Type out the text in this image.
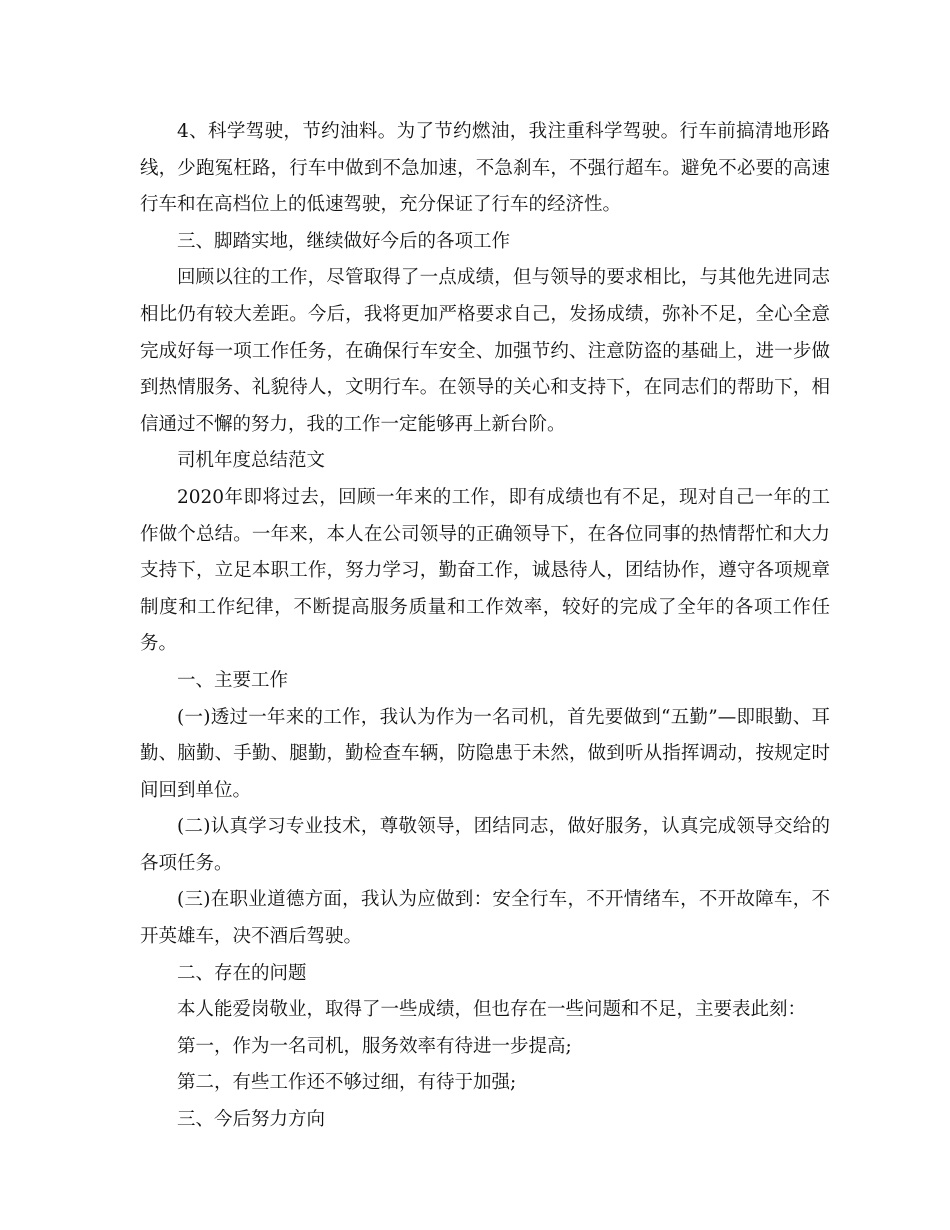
4、科学驾驶，节约油料。为了节约燃油，我注重科学驾驶。行车前搞清地形路线，少跑冤枉路，行车中做到不急加速，不急刹车，不强行超车。避免不必要的高速行车和在高档位上的低速驾驶，充分保证了行车的经济性。

三、脚踏实地，继续做好今后的各项工作

回顾以往的工作，尽管取得了一点成绩，但与领导的要求相比，与其他先进同志相比仍有较大差距。今后，我将更加严格要求自己，发扬成绩，弥补不足，全心全意完成好每一项工作任务，在确保行车安全、加强节约、注意防盗的基础上，进一步做到热情服务、礼貌待人，文明行车。在领导的关心和支持下，在同志们的帮助下，相信通过不懈的努力，我的工作一定能够再上新台阶。

司机年度总结范文

2020年即将过去，回顾一年来的工作，即有成绩也有不足，现对自己一年的工作做个总结。一年来，本人在公司领导的正确领导下，在各位同事的热情帮忙和大力支持下，立足本职工作，努力学习，勤奋工作，诚恳待人，团结协作，遵守各项规章制度和工作纪律，不断提高服务质量和工作效率，较好的完成了全年的各项工作任务。

一、主要工作

(一)透过一年来的工作，我认为作为一名司机，首先要做到“五勤”—即眼勤、耳勤、脑勤、手勤、腿勤，勤检查车辆，防隐患于未然，做到听从指挥调动，按规定时间回到单位。

(二)认真学习专业技术，尊敬领导，团结同志，做好服务，认真完成领导交给的各项任务。

(三)在职业道德方面，我认为应做到：安全行车，不开情绪车，不开故障车，不开英雄车，决不酒后驾驶。

二、存在的问题

本人能爱岗敬业，取得了一些成绩，但也存在一些问题和不足，主要表此刻：

第一，作为一名司机，服务效率有待进一步提高;

第二，有些工作还不够过细，有待于加强;

三、今后努力方向
